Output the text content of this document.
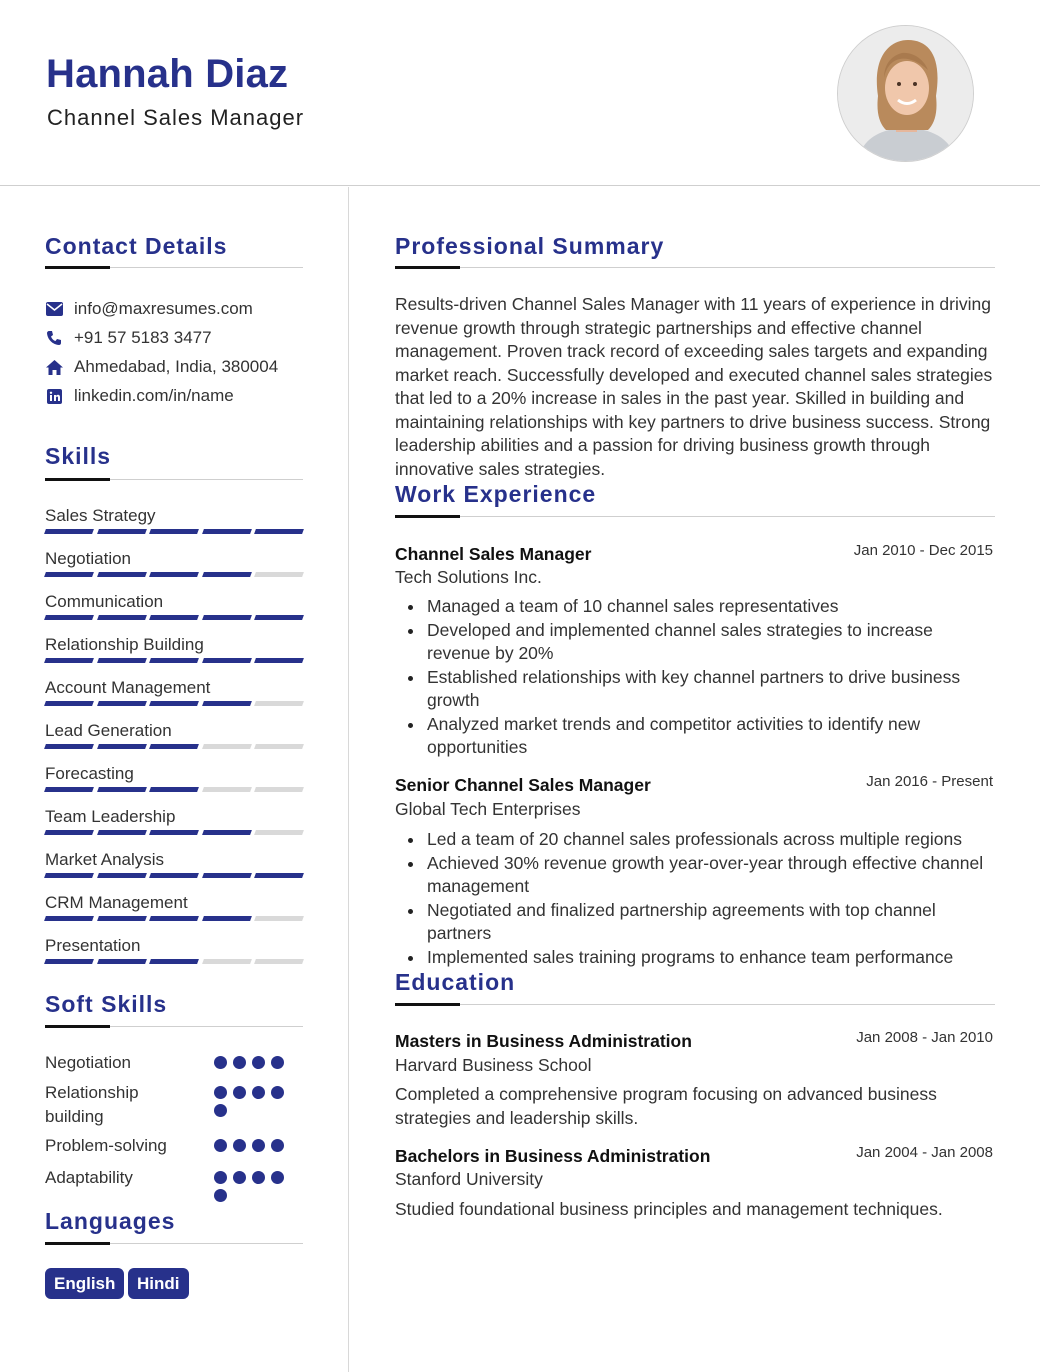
Hannah Diaz
Channel Sales Manager
Contact Details
info@maxresumes.com
+91 57 5183 3477
Ahmedabad, India, 380004
linkedin.com/in/name
Skills
Sales Strategy
Negotiation
Communication
Relationship Building
Account Management
Lead Generation
Forecasting
Team Leadership
Market Analysis
CRM Management
Presentation
Soft Skills
Negotiation
Relationship building
Problem-solving
Adaptability
Languages
English	Hindi
Professional Summary
Results-driven Channel Sales Manager with 11 years of experience in driving revenue growth through strategic partnerships and effective channel management. Proven track record of exceeding sales targets and expanding market reach. Successfully developed and executed channel sales strategies that led to a 20% increase in sales in the past year. Skilled in building and maintaining relationships with key partners to drive business success. Strong leadership abilities and a passion for driving business growth through innovative sales strategies.
Work Experience
Channel Sales Manager	Jan 2010 - Dec 2015
Tech Solutions Inc.
Managed a team of 10 channel sales representatives
Developed and implemented channel sales strategies to increase revenue by 20%
Established relationships with key channel partners to drive business growth
Analyzed market trends and competitor activities to identify new opportunities
Senior Channel Sales Manager	Jan 2016 - Present
Global Tech Enterprises
Led a team of 20 channel sales professionals across multiple regions
Achieved 30% revenue growth year-over-year through effective channel management
Negotiated and finalized partnership agreements with top channel partners
Implemented sales training programs to enhance team performance
Education
Masters in Business Administration	Jan 2008 - Jan 2010
Harvard Business School
Completed a comprehensive program focusing on advanced business strategies and leadership skills.
Bachelors in Business Administration	Jan 2004 - Jan 2008
Stanford University
Studied foundational business principles and management techniques.
